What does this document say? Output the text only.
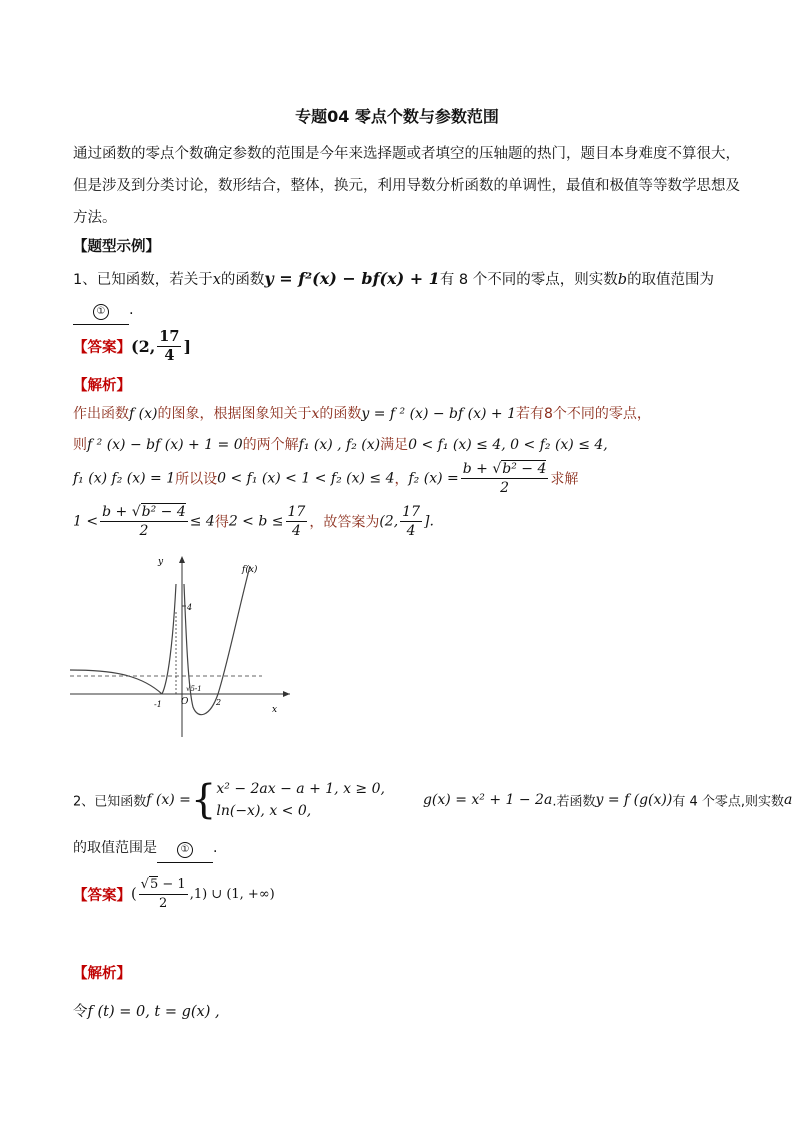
专题04 零点个数与参数范围
通过函数的零点个数确定参数的范围是今年来选择题或者填空的压轴题的热门，题目本身难度不算很大，
但是涉及到分类讨论，数形结合，整体，换元，利用导数分析函数的单调性，最值和极值等等数学思想及
方法。
【题型示例】
1、已知函数，若关于x的函数y = f²(x) − bf(x) + 1有 8 个不同的零点，则实数b的取值范围为
① .
【答案】(2, $\frac{17}{4}$ ]
【解析】
作出函数f (x)的图象，根据图象知关于x的函数y = f ² (x) − bf (x) + 1若有8个不同的零点，
则f ² (x) − bf (x) + 1 = 0的两个解f₁ (x) , f₂ (x)满足0 < f₁ (x) ≤ 4, 0 < f₂ (x) ≤ 4,
f₁ (x) f₂ (x) = 1所以设0 < f₁ (x) < 1 < f₂ (x) ≤ 4，f₂ $(x) = \frac{\text{b + √b² − 4}}{2}$ 求解
$1 < \frac{\text{b + √b² − 4}}{2} \le 4$得$2 < b \le \frac{17}{4}$ ，故答案为(2, $\frac{17}{4}$ ].
y
x
f(x)
4
-1	2
O
√5-1
2、已知函数f (x) ={ x² − 2ax − a + 1, x ≥ 0,
ln(−x), x < 0,
g(x) = x² + 1 − 2a.若函数y = f (g(x))有 4 个零点,则实数a
的取值范围是 ① .
【答案】( $\frac{√5 - 1}{2} ,1$) ∪ (1, +∞)
【解析】
令f (t) = 0, t = g(x) ,
